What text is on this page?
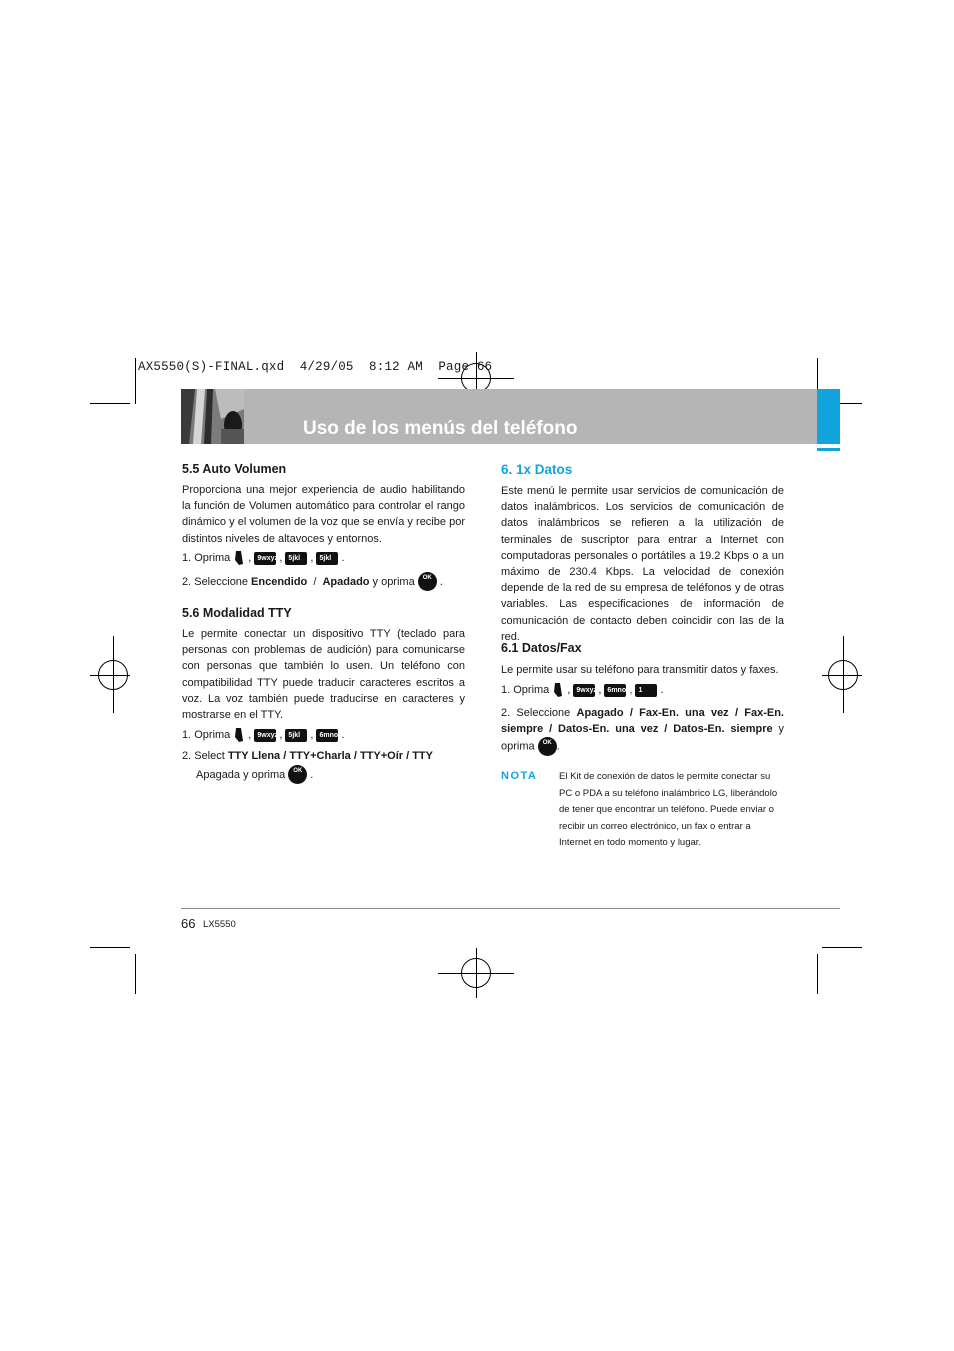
AX5550(S)-FINAL.qxd  4/29/05  8:12 AM  Page 66
Uso de los menús del teléfono
5.5 Auto Volumen

Proporciona una mejor experiencia de audio habilitando la función de Volumen automático para controlar el rango dinámico y el volumen de la voz que se envía y recibe por distintos niveles de altavoces y entornos.

1. Oprima , 9wxyz , 5jkl , 5jkl .
2. Seleccione Encendido / Apadado y oprima	OK .
5.6 Modalidad TTY

Le permite conectar un dispositivo TTY (teclado para personas con problemas de audición) para comunicarse con personas que también lo usen. Un teléfono con compatibilidad TTY puede traducir caracteres escritos a voz. La voz también puede traducirse en caracteres y mostrarse en el TTY.

1. Oprima , 9wxyz , 5jkl , 6mno .
2. Select TTY Llena / TTY+Charla / TTY+Oír / TTY
Apagada y oprima	OK .
6. 1x Datos

Este menú le permite usar servicios de comunicación de datos inalámbricos. Los servicios de comunicación de datos inalámbricos se refieren a la utilización de terminales de suscriptor para entrar a Internet con computadoras personales o portátiles a 19.2 Kbps o a un máximo de 230.4 Kbps. La velocidad de conexión depende de la red de su empresa de teléfonos y de otras variables. Las especificaciones de información de comunicación de contacto deben coincidir con las de la red.

6.1 Datos/Fax

Le permite usar su teléfono para transmitir datos y faxes.

1. Oprima , 9wxyz , 6mno , 1	.
2. Seleccione Apagado / Fax-En. una vez / Fax-En. siempre / Datos-En. una vez / Datos-En. siempre y oprima OK .
NOTA El Kit de conexión de datos le permite conectar su PC o PDA a su teléfono inalámbrico LG, liberándolo de tener que encontrar un teléfono. Puede enviar o recibir un correo electrónico, un fax o entrar a Internet en todo momento y lugar.

66 LX5550
